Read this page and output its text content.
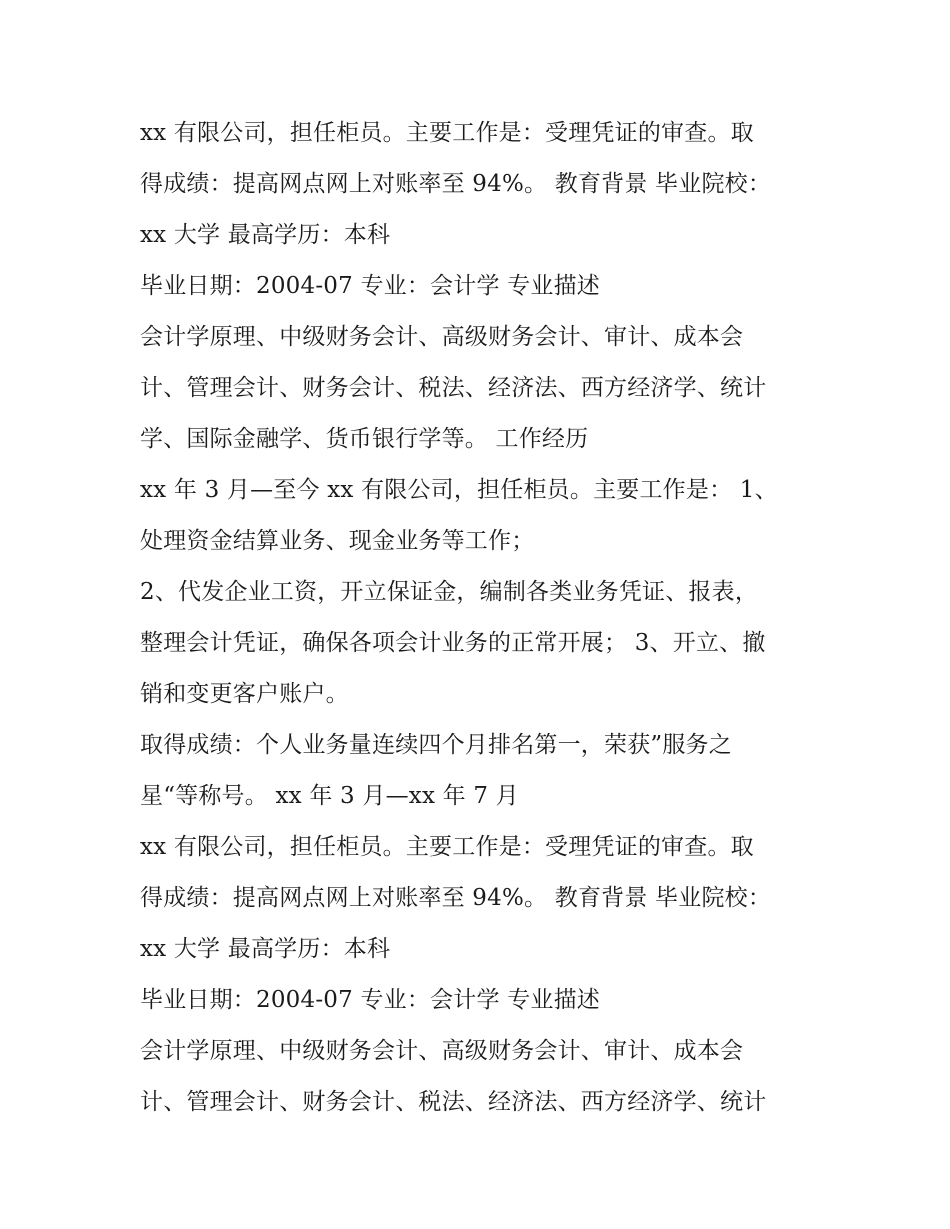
xx 有限公司，担任柜员。主要工作是：受理凭证的审查。取
得成绩：提高网点网上对账率至 94%。 教育背景 毕业院校：
xx 大学 最高学历：本科
毕业日期：2004-07 专业：会计学 专业描述
会计学原理、中级财务会计、高级财务会计、审计、成本会
计、管理会计、财务会计、税法、经济法、西方经济学、统计
学、国际金融学、货币银行学等。 工作经历
xx 年 3 月—至今 xx 有限公司，担任柜员。主要工作是： 1、
处理资金结算业务、现金业务等工作；
2、代发企业工资，开立保证金，编制各类业务凭证、报表，
整理会计凭证，确保各项会计业务的正常开展； 3、开立、撤
销和变更客户账户。
取得成绩：个人业务量连续四个月排名第一，荣获”服务之
星“等称号。 xx 年 3 月—xx 年 7 月
xx 有限公司，担任柜员。主要工作是：受理凭证的审查。取
得成绩：提高网点网上对账率至 94%。 教育背景 毕业院校：
xx 大学 最高学历：本科
毕业日期：2004-07 专业：会计学 专业描述
会计学原理、中级财务会计、高级财务会计、审计、成本会
计、管理会计、财务会计、税法、经济法、西方经济学、统计
